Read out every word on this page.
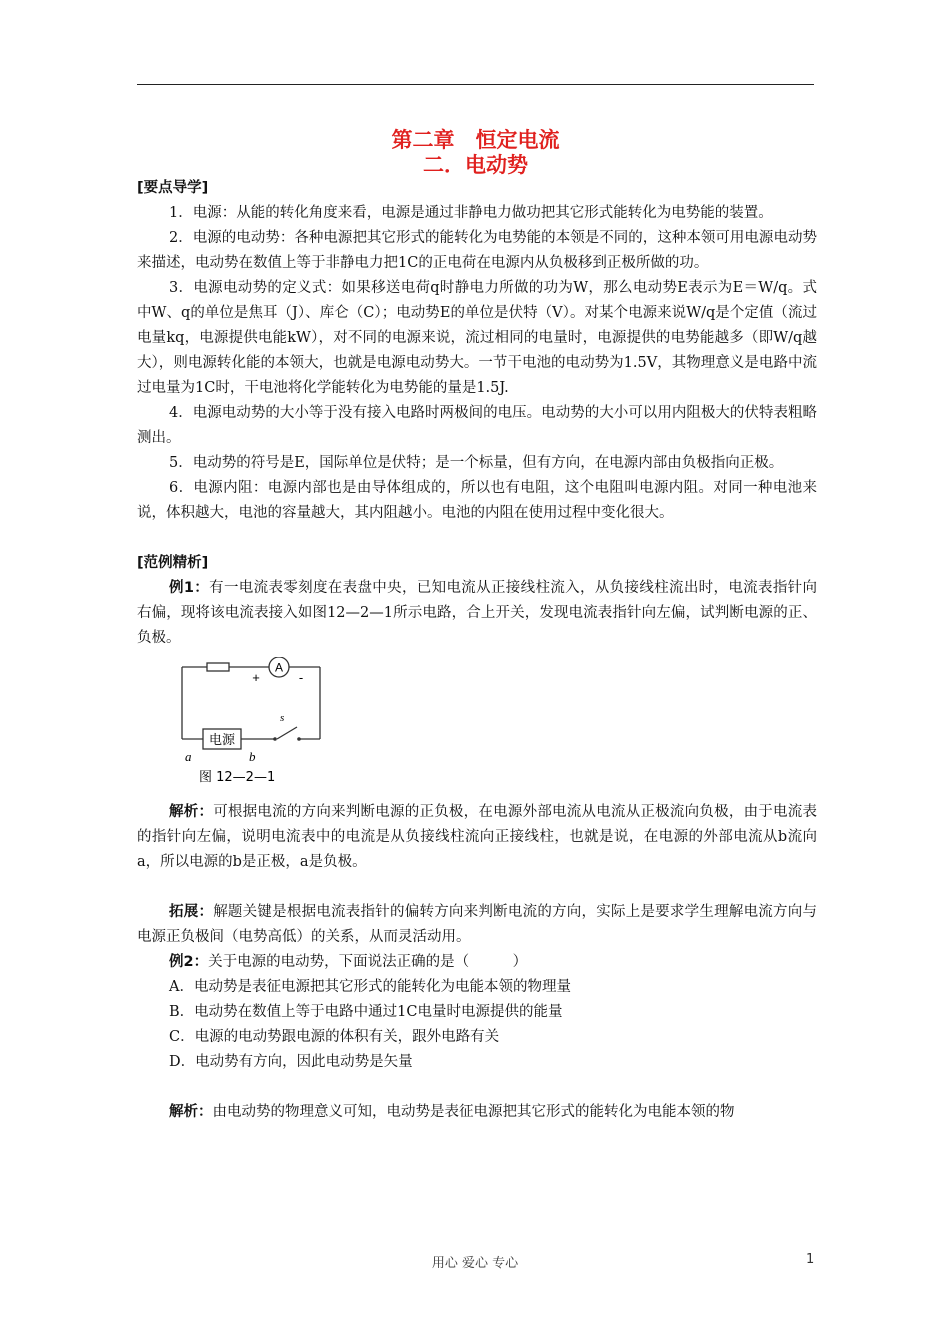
第二章　恒定电流
二．电动势

[要点导学]

1．电源：从能的转化角度来看，电源是通过非静电力做功把其它形式能转化为电势能的装置。

2．电源的电动势：各种电源把其它形式的能转化为电势能的本领是不同的，这种本领可用电源电动势来描述，电动势在数值上等于非静电力把1C的正电荷在电源内从负极移到正极所做的功。

3．电源电动势的定义式：如果移送电荷q时静电力所做的功为W，那么电动势E表示为E＝W/q。式中W、q的单位是焦耳（J）、库仑（C）；电动势E的单位是伏特（V）。对某个电源来说W/q是个定值（流过电量kq，电源提供电能kW），对不同的电源来说，流过相同的电量时，电源提供的电势能越多（即W/q越大），则电源转化能的本领大，也就是电源电动势大。一节干电池的电动势为1.5V，其物理意义是电路中流过电量为1C时，干电池将化学能转化为电势能的量是1.5J.

4．电源电动势的大小等于没有接入电路时两极间的电压。电动势的大小可以用内阻极大的伏特表粗略测出。

5．电动势的符号是E，国际单位是伏特；是一个标量，但有方向，在电源内部由负极指向正极。

6．电源内阻：电源内部也是由导体组成的，所以也有电阻，这个电阻叫电源内阻。对同一种电池来说，体积越大，电池的容量越大，其内阻越小。电池的内阻在使用过程中变化很大。

[范例精析]

例1：有一电流表零刻度在表盘中央，已知电流从正接线柱流入，从负接线柱流出时，电流表指针向右偏，现将该电流表接入如图12—2—1所示电路，合上开关，发现电流表指针向左偏，试判断电源的正、负极。

A
+	-
电源
s
a	b
图 12—2—1

解析：可根据电流的方向来判断电源的正负极，在电源外部电流从电流从正极流向负极，由于电流表的指针向左偏，说明电流表中的电流是从负接线柱流向正接线柱，也就是说，在电源的外部电流从b流向a，所以电源的b是正极，a是负极。

拓展：解题关键是根据电流表指针的偏转方向来判断电流的方向，实际上是要求学生理解电流方向与电源正负极间（电势高低）的关系，从而灵活动用。

例2：关于电源的电动势，下面说法正确的是（　　　）

A．电动势是表征电源把其它形式的能转化为电能本领的物理量

B．电动势在数值上等于电路中通过1C电量时电源提供的能量

C．电源的电动势跟电源的体积有关，跟外电路有关

D．电动势有方向，因此电动势是矢量

解析：由电动势的物理意义可知，电动势是表征电源把其它形式的能转化为电能本领的物

用心 爱心 专心	1
